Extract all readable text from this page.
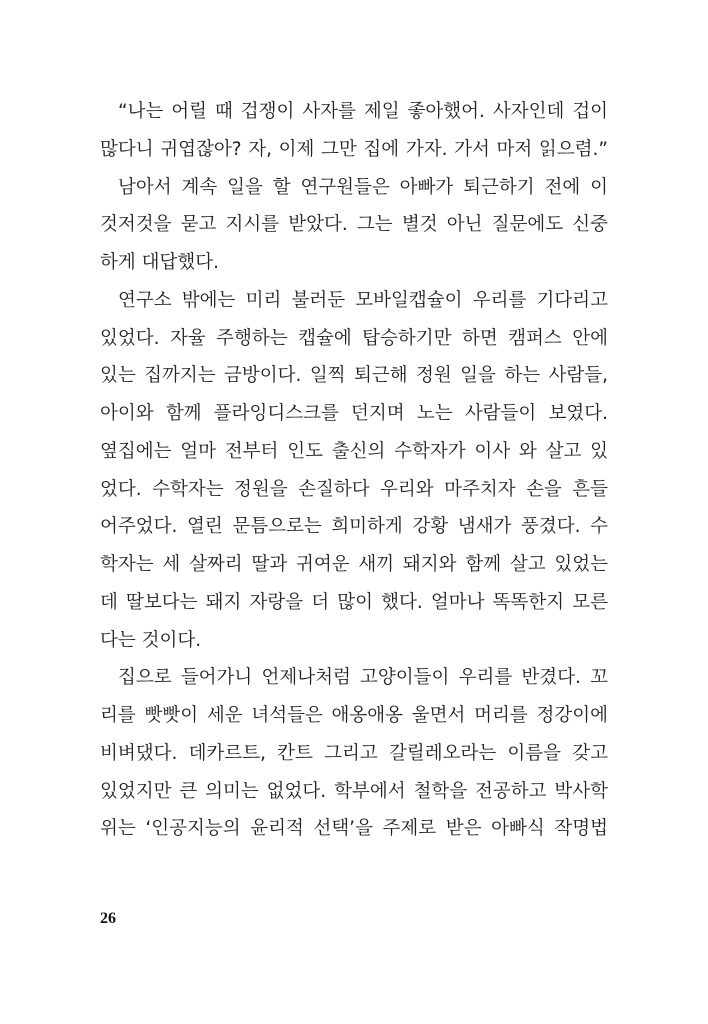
“나는 어릴 때 겁쟁이 사자를 제일 좋아했어. 사자인데 겁이
많다니 귀엽잖아? 자, 이제 그만 집에 가자. 가서 마저 읽으렴.”
남아서 계속 일을 할 연구원들은 아빠가 퇴근하기 전에 이
것저것을 묻고 지시를 받았다. 그는 별것 아닌 질문에도 신중
하게 대답했다.
연구소 밖에는 미리 불러둔 모바일캡슐이 우리를 기다리고
있었다. 자율 주행하는 캡슐에 탑승하기만 하면 캠퍼스 안에
있는 집까지는 금방이다. 일찍 퇴근해 정원 일을 하는 사람들,
아이와 함께 플라잉디스크를 던지며 노는 사람들이 보였다.
옆집에는 얼마 전부터 인도 출신의 수학자가 이사 와 살고 있
었다. 수학자는 정원을 손질하다 우리와 마주치자 손을 흔들
어주었다. 열린 문틈으로는 희미하게 강황 냄새가 풍겼다. 수
학자는 세 살짜리 딸과 귀여운 새끼 돼지와 함께 살고 있었는
데 딸보다는 돼지 자랑을 더 많이 했다. 얼마나 똑똑한지 모른
다는 것이다.
집으로 들어가니 언제나처럼 고양이들이 우리를 반겼다. 꼬
리를 빳빳이 세운 녀석들은 애옹애옹 울면서 머리를 정강이에
비벼댔다. 데카르트, 칸트 그리고 갈릴레오라는 이름을 갖고
있었지만 큰 의미는 없었다. 학부에서 철학을 전공하고 박사학
위는 ‘인공지능의 윤리적 선택’을 주제로 받은 아빠식 작명법
26
